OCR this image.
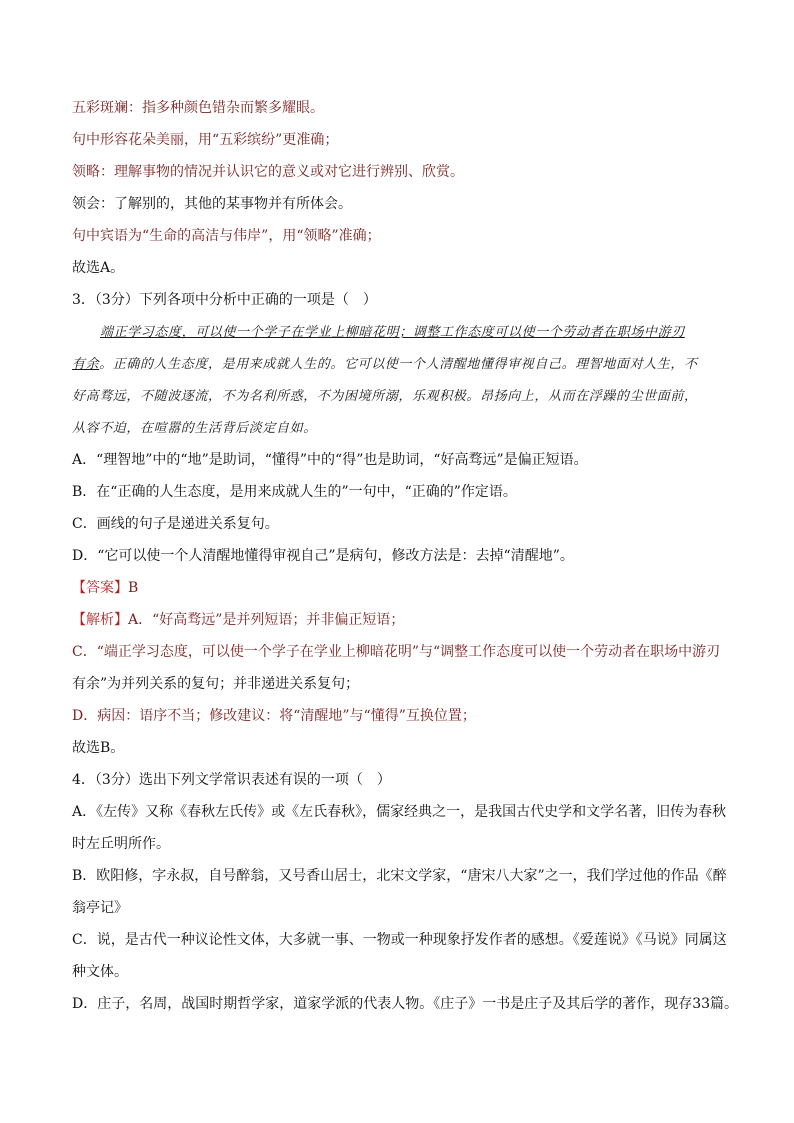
五彩斑斓：指多种颜色错杂而繁多耀眼。

句中形容花朵美丽，用“五彩缤纷”更准确；

领略：理解事物的情况并认识它的意义或对它进行辨别、欣赏。

领会：了解别的，其他的某事物并有所体会。

句中宾语为“生命的高洁与伟岸”，用“领略”准确；

故选A。

3．（3分）下列各项中分析中正确的一项是（　）

端正学习态度，可以使一个学子在学业上柳暗花明；调整工作态度可以使一个劳动者在职场中游刃

有余。正确的人生态度，是用来成就人生的。它可以使一个人清醒地懂得审视自己。理智地面对人生，不

好高骛远，不随波逐流，不为名利所惑，不为困境所溺，乐观积极。昂扬向上，从而在浮躁的尘世面前，

从容不迫，在喧嚣的生活背后淡定自如。

A．“理智地”中的“地”是助词，“懂得”中的“得”也是助词，“好高骛远”是偏正短语。

B．在“正确的人生态度，是用来成就人生的”一句中，“正确的”作定语。

C．画线的句子是递进关系复句。

D．“它可以使一个人清醒地懂得审视自己”是病句，修改方法是：去掉“清醒地”。

【答案】B

【解析】A．“好高骛远”是并列短语；并非偏正短语；

C．“端正学习态度，可以使一个学子在学业上柳暗花明”与“调整工作态度可以使一个劳动者在职场中游刃

有余”为并列关系的复句；并非递进关系复句；

D．病因：语序不当；修改建议：将“清醒地”与“懂得”互换位置；

故选B。

4．（3分）选出下列文学常识表述有误的一项（　）

A．《左传》又称《春秋左氏传》或《左氏春秋》，儒家经典之一，是我国古代史学和文学名著，旧传为春秋

时左丘明所作。

B．欧阳修，字永叔，自号醉翁，又号香山居士，北宋文学家，“唐宋八大家”之一，我们学过他的作品《醉

翁亭记》

C．说，是古代一种议论性文体，大多就一事、一物或一种现象抒发作者的感想。《爱莲说》《马说》同属这

种文体。

D．庄子，名周，战国时期哲学家，道家学派的代表人物。《庄子》一书是庄子及其后学的著作，现存33篇。
